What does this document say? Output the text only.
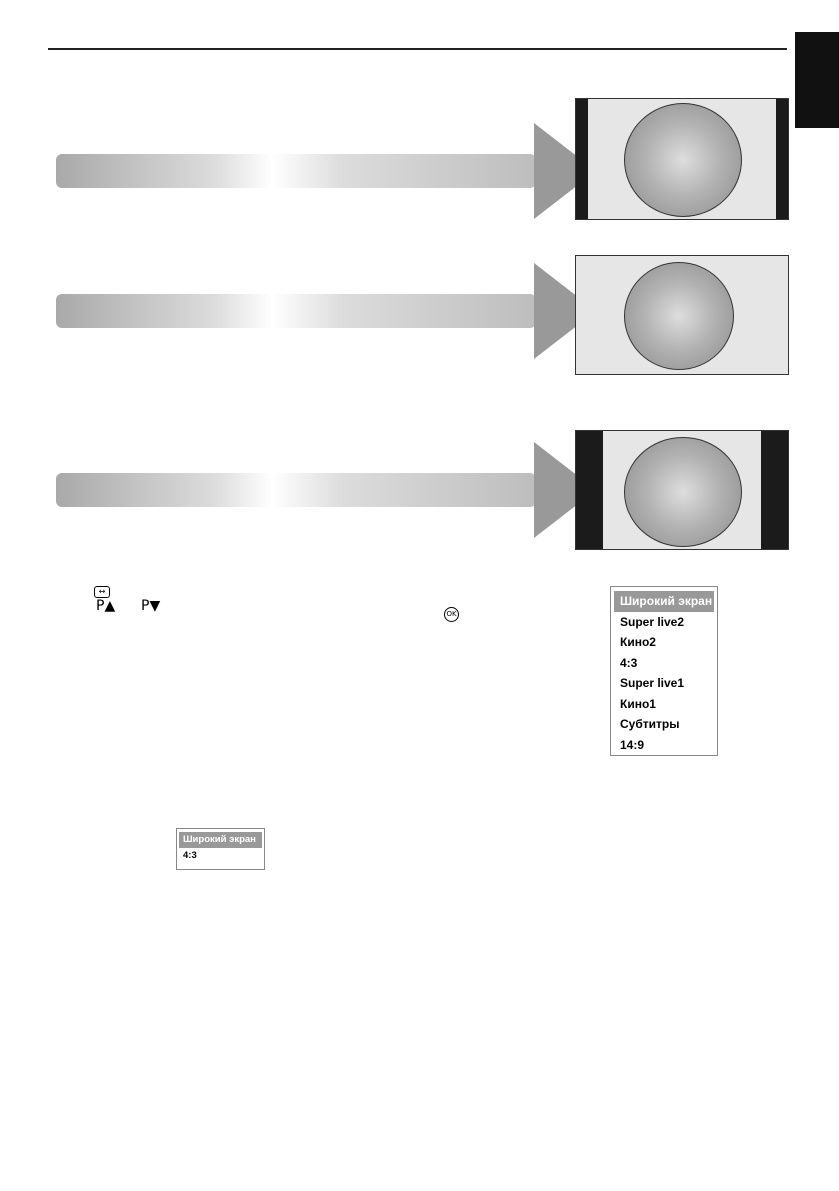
↔
P▲ P▼	OK
Широкий экран
Super live2
Кино2
4:3
Super live1
Кино1
Субтитры
14:9
Широкий экран
4:3
